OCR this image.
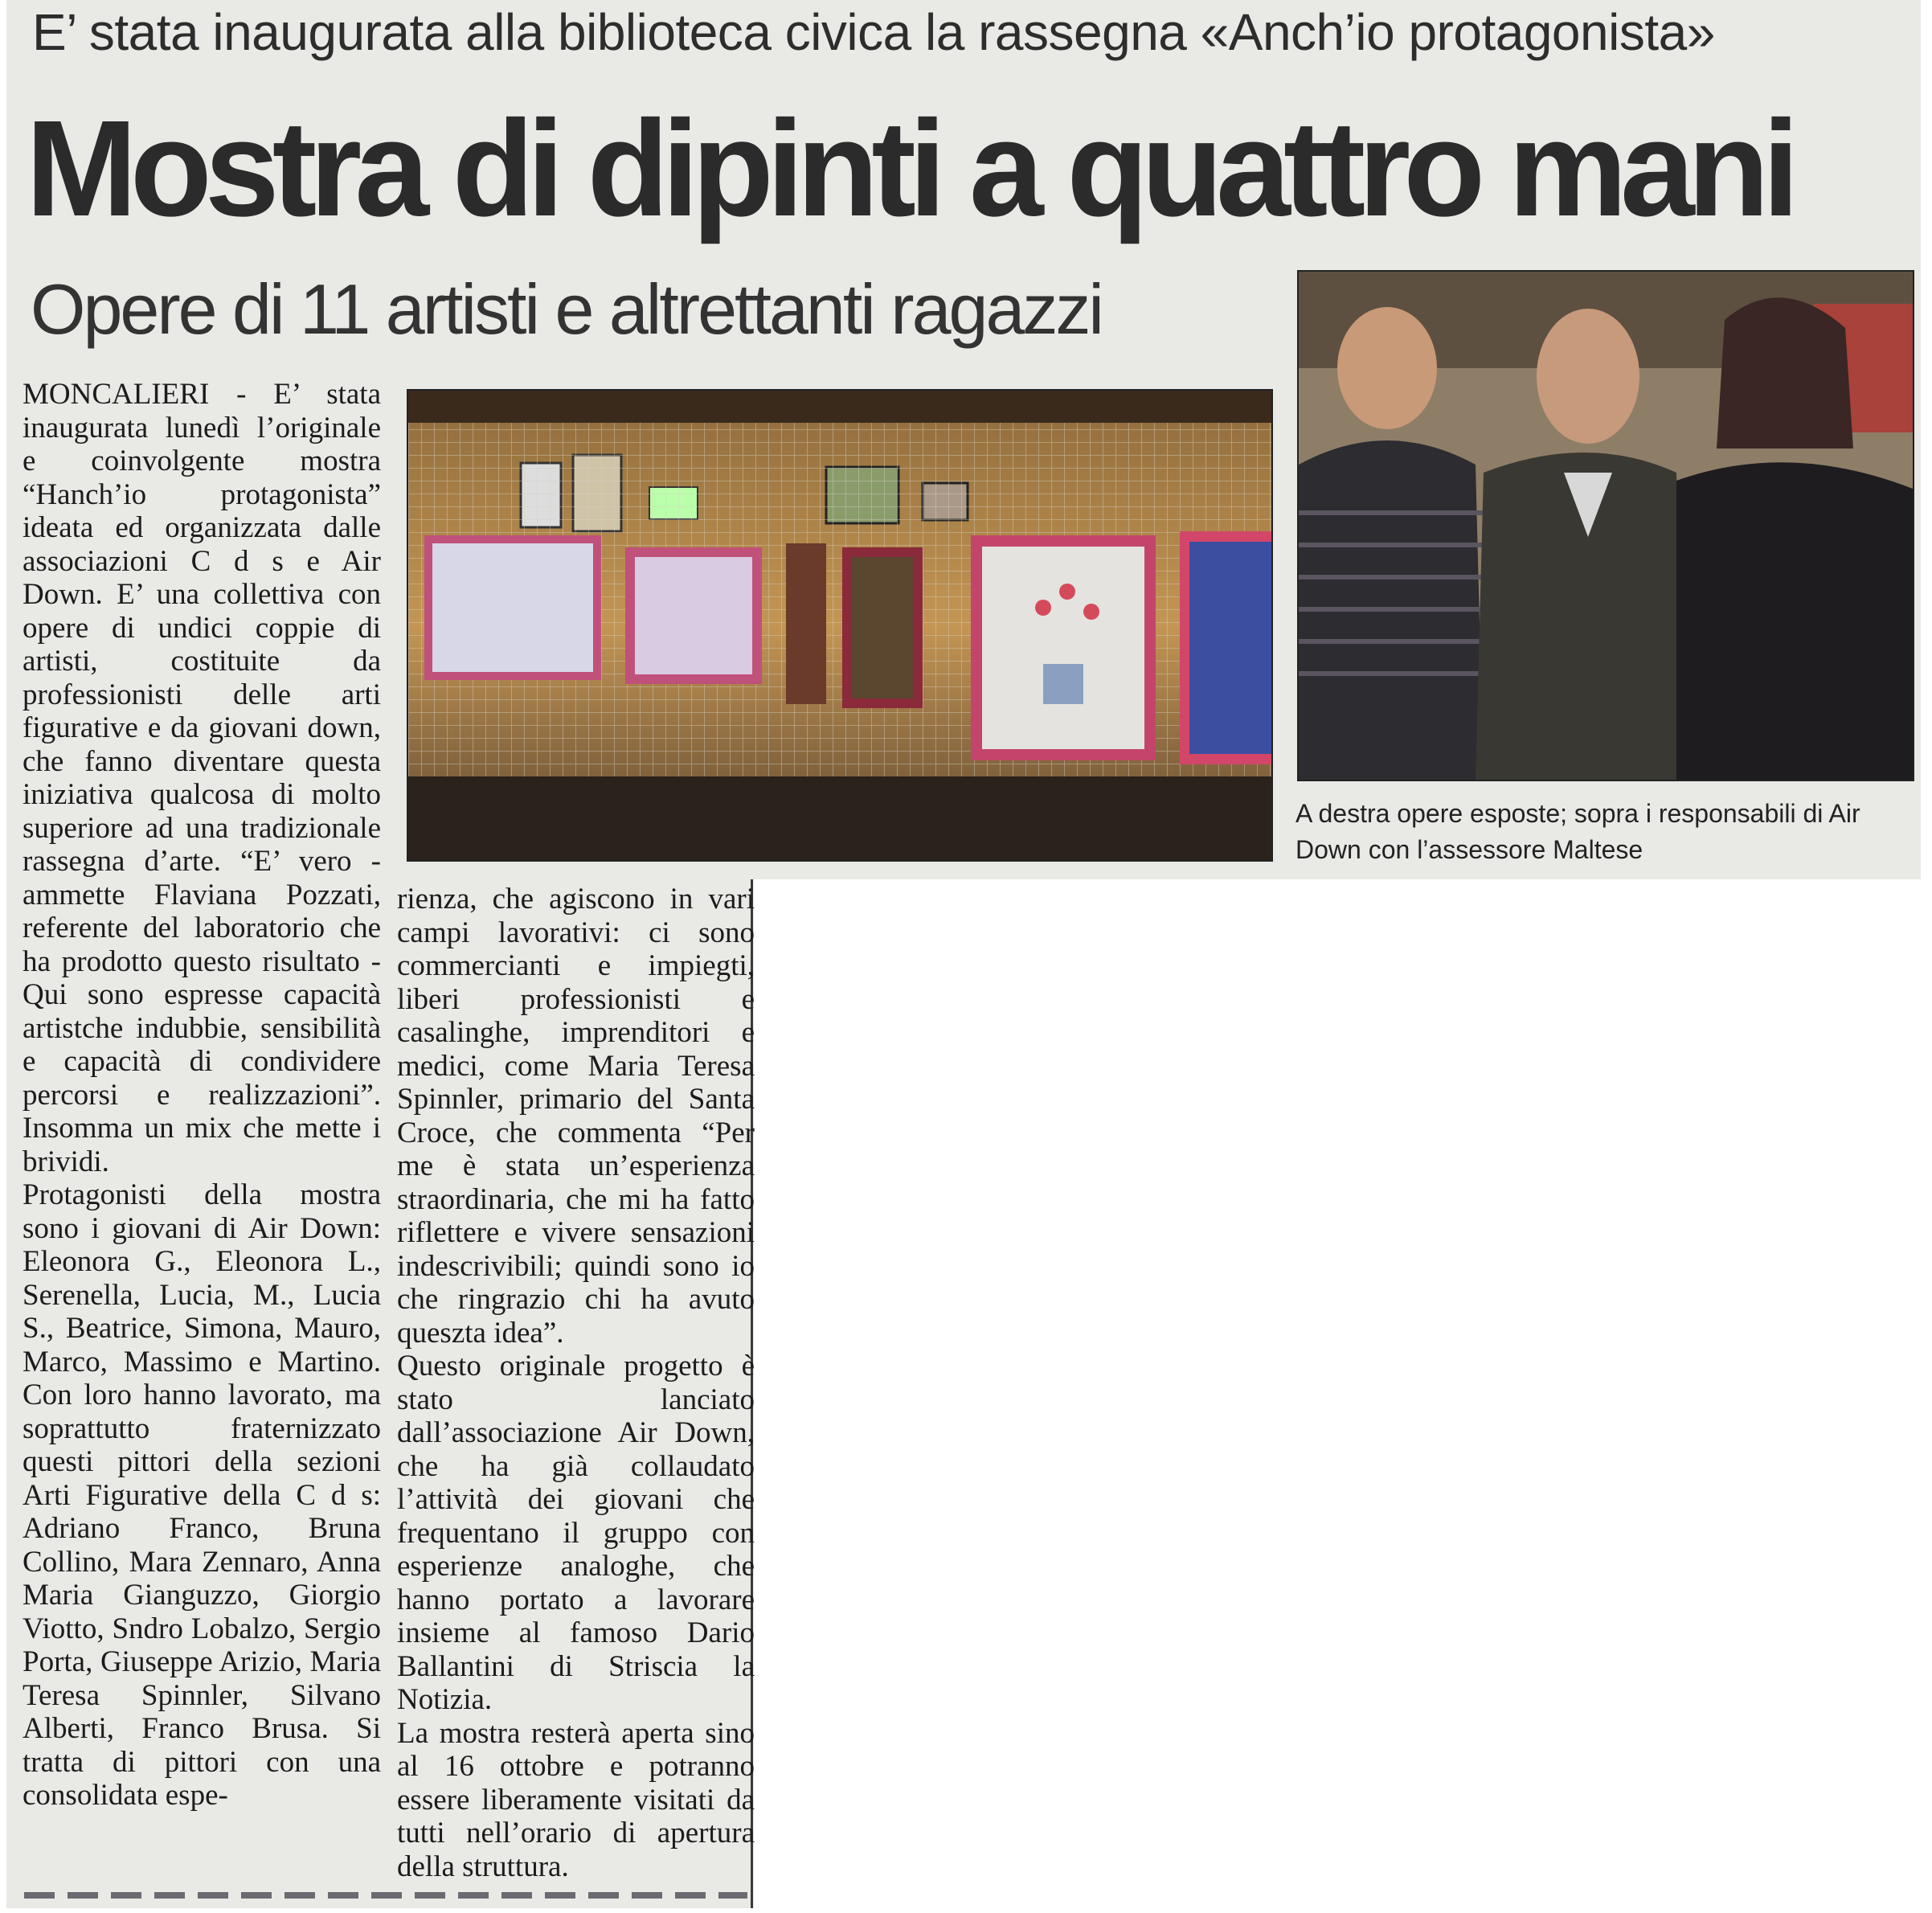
E’ stata inaugurata alla biblioteca civica la rassegna «Anch’io protagonista»
Mostra di dipinti a quattro mani
Opere di 11 artisti e altrettanti ragazzi
A destra opere esposte; sopra i responsabili di Air Down con l’assessore Maltese
MONCALIERI - E’ stata inaugurata lunedì l’originale e coinvolgente mostra “Hanch’io protagonista” ideata ed organizzata dalle associazioni C d s e Air Down. E’ una collettiva con opere di undici coppie di artisti, costituite da professionisti delle arti figurative e da giovani down, che fanno diventare questa iniziativa qualcosa di molto superiore ad una tradizionale rassegna d’arte. “E’ vero - ammette Flaviana Pozzati, referente del laboratorio che ha prodotto questo risultato - Qui sono espresse capacità artistche indubbie, sensibilità e capacità di condividere percorsi e realizzazioni”. Insomma un mix che mette i brividi.
Protagonisti della mostra sono i giovani di Air Down: Eleonora G., Eleonora L., Serenella, Lucia, M., Lucia S., Beatrice, Simona, Mauro, Marco, Massimo e Martino. Con loro hanno lavorato, ma soprattutto fraternizzato questi pittori della sezioni Arti Figurative della C d s: Adriano Franco, Bruna Collino, Mara Zennaro, Anna Maria Gianguzzo, Giorgio Viotto, Sndro Lobalzo, Sergio Porta, Giuseppe Arizio, Maria Teresa Spinnler, Silvano Alberti, Franco Brusa. Si tratta di pittori con una consolidata espe-
rienza, che agiscono in vari campi lavorativi: ci sono commercianti e impiegti, liberi professionisti e casalinghe, imprenditori e medici, come Maria Teresa Spinnler, primario del Santa Croce, che commenta “Per me è stata un’esperienza straordinaria, che mi ha fatto riflettere e vivere sensazioni indescrivibili; quindi sono io che ringrazio chi ha avuto queszta idea”.
Questo originale progetto è stato lanciato dall’associazione Air Down, che ha già collaudato l’attività dei giovani che frequentano il gruppo con esperienze analoghe, che hanno portato a lavorare insieme al famoso Dario Ballantini di Striscia la Notizia.
La mostra resterà aperta sino al 16 ottobre e potranno essere liberamente visitati da tutti nell’orario di apertura della struttura.
